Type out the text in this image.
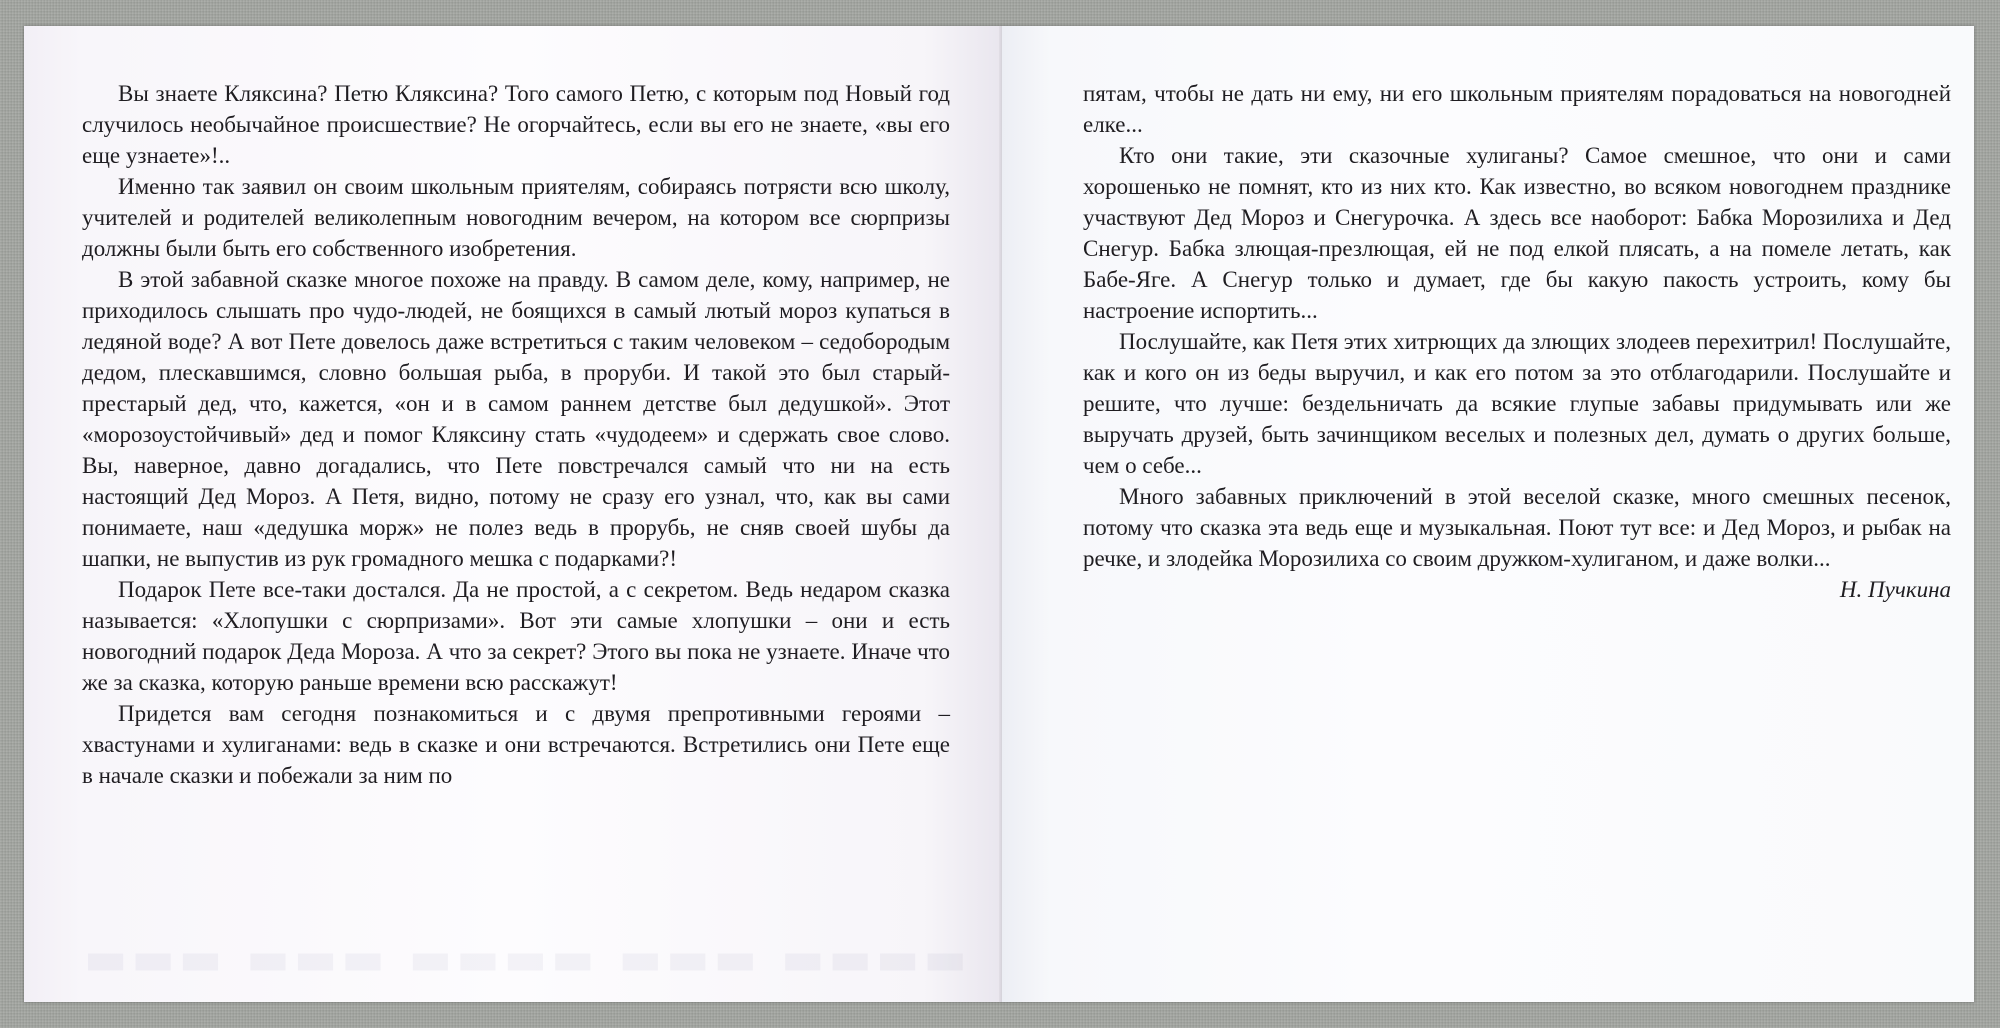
▬▬▬ ▬▬▬ ▬▬▬▬ ▬▬▬ ▬▬▬▬

Вы знаете Кляксина? Петю Кляксина? Того самого Петю, с которым под Новый год случилось необычайное происшествие? Не огорчайтесь, если вы его не знаете, «вы его еще узнаете»!..

Именно так заявил он своим школьным приятелям, собираясь потрясти всю школу, учителей и родителей великолепным новогодним вечером, на котором все сюрпризы должны были быть его собственного изобретения.

В этой забавной сказке многое похоже на правду. В самом деле, кому, например, не приходилось слышать про чудо-людей, не боящихся в самый лютый мороз купаться в ледяной воде? А вот Пете довелось даже встретиться с таким человеком – седобородым дедом, плескавшимся, словно большая рыба, в проруби. И такой это был старый-престарый дед, что, кажется, «он и в самом раннем детстве был дедушкой». Этот «морозоустойчивый» дед и помог Кляксину стать «чудодеем» и сдержать свое слово. Вы, наверное, давно догадались, что Пете повстречался самый что ни на есть настоящий Дед Мороз. А Петя, видно, потому не сразу его узнал, что, как вы сами понимаете, наш «дедушка морж» не полез ведь в прорубь, не сняв своей шубы да шапки, не выпустив из рук громадного мешка с подарками?!

Подарок Пете все-таки достался. Да не простой, а с секретом. Ведь недаром сказка называется: «Хлопушки с сюрпризами». Вот эти самые хлопушки – они и есть новогодний подарок Деда Мороза. А что за секрет? Этого вы пока не узнаете. Иначе что же за сказка, которую раньше времени всю расскажут!

Придется вам сегодня познакомиться и с двумя препротивными героями – хвастунами и хулиганами: ведь в сказке и они встречаются. Встретились они Пете еще в начале сказки и побежали за ним по

пятам, чтобы не дать ни ему, ни его школьным приятелям порадоваться на новогодней елке...

Кто они такие, эти сказочные хулиганы? Самое смешное, что они и сами хорошенько не помнят, кто из них кто. Как известно, во всяком новогоднем празднике участвуют Дед Мороз и Снегурочка. А здесь все наоборот: Бабка Морозилиха и Дед Снегур. Бабка злющая-презлющая, ей не под елкой плясать, а на помеле летать, как Бабе-Яге. А Снегур только и думает, где бы какую пакость устроить, кому бы настроение испортить...

Послушайте, как Петя этих хитрющих да злющих злодеев перехитрил! Послушайте, как и кого он из беды выручил, и как его потом за это отблагодарили. Послушайте и решите, что лучше: бездельничать да всякие глупые забавы придумывать или же выручать друзей, быть зачинщиком веселых и полезных дел, думать о других больше, чем о себе...

Много забавных приключений в этой веселой сказке, много смешных песенок, потому что сказка эта ведь еще и музыкальная. Поют тут все: и Дед Мороз, и рыбак на речке, и злодейка Морозилиха со своим дружком-хулиганом, и даже волки...

Н. Пучкина
